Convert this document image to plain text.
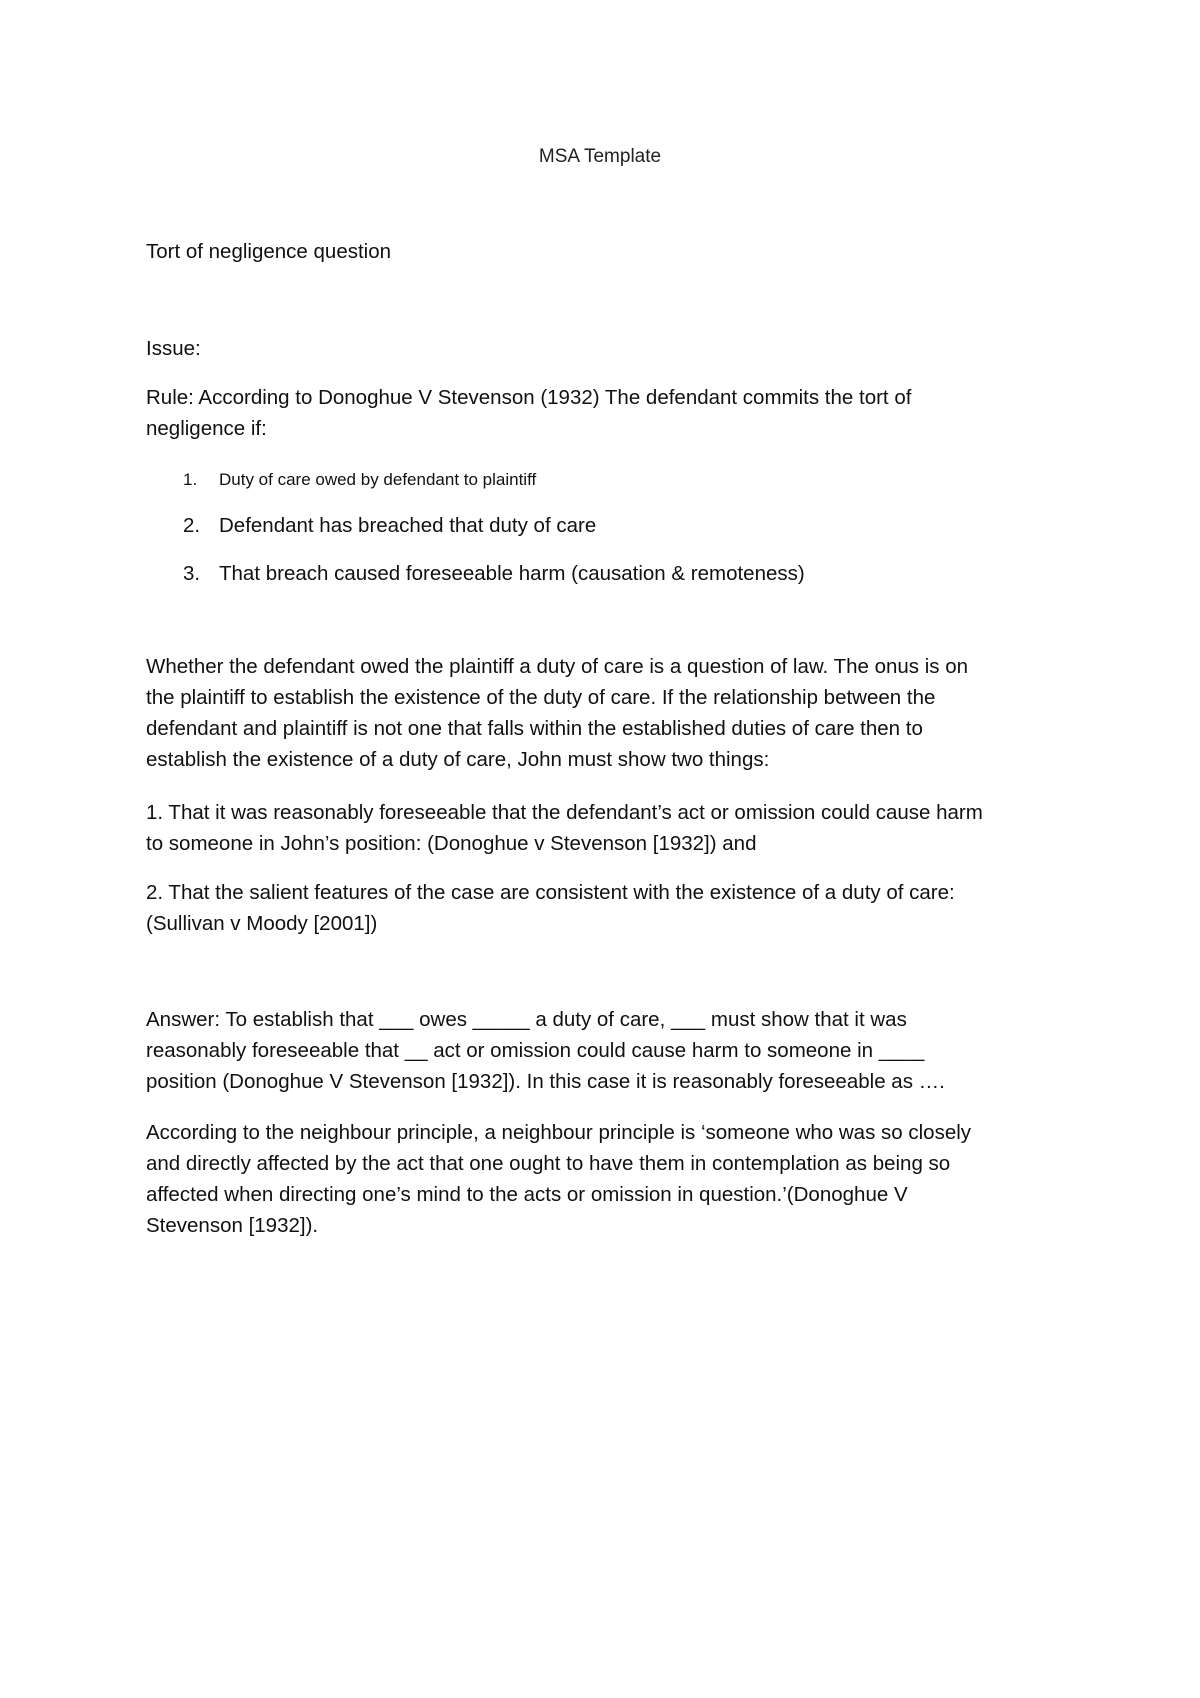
MSA Template
Tort of negligence question
Issue:
Rule: According to Donoghue V Stevenson (1932) The defendant commits the tort of
negligence if:
1.	Duty of care owed by defendant to plaintiff
2. Defendant has breached that duty of care
3. That breach caused foreseeable harm (causation & remoteness)
Whether the defendant owed the plaintiff a duty of care is a question of law. The onus is on
the plaintiff to establish the existence of the duty of care. If the relationship between the
defendant and plaintiff is not one that falls within the established duties of care then to
establish the existence of a duty of care, John must show two things:
1. That it was reasonably foreseeable that the defendant’s act or omission could cause harm
to someone in John’s position: (Donoghue v Stevenson [1932]) and
2. That the salient features of the case are consistent with the existence of a duty of care:
(Sullivan v Moody [2001])
Answer: To establish that ___ owes _____ a duty of care, ___ must show that it was
reasonably foreseeable that __ act or omission could cause harm to someone in ____
position (Donoghue V Stevenson [1932]). In this case it is reasonably foreseeable as ….
According to the neighbour principle, a neighbour principle is ‘someone who was so closely
and directly affected by the act that one ought to have them in contemplation as being so
affected when directing one’s mind to the acts or omission in question.’(Donoghue V
Stevenson [1932]).
